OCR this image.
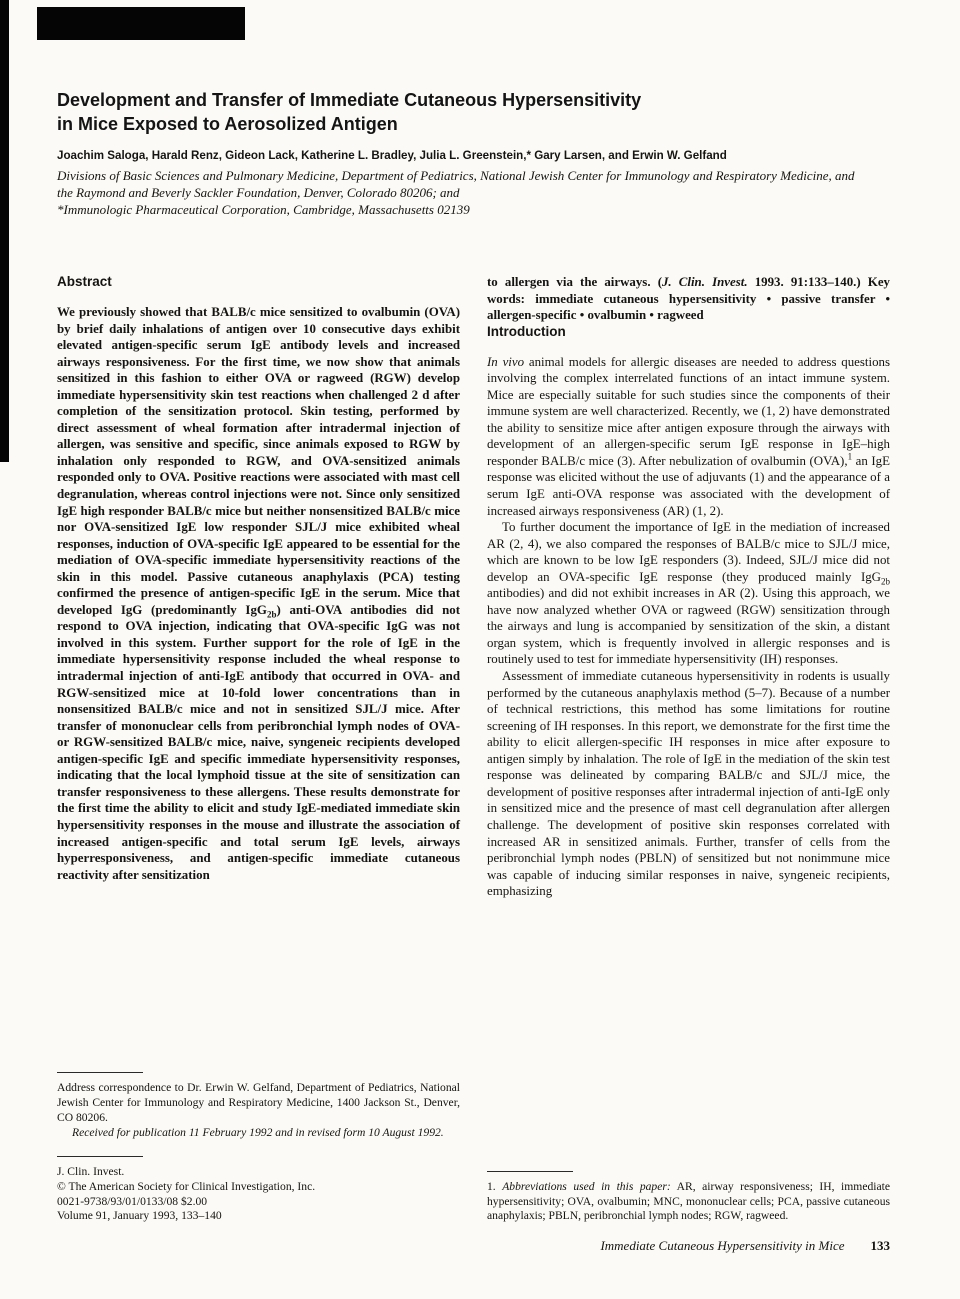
Development and Transfer of Immediate Cutaneous Hypersensitivity
in Mice Exposed to Aerosolized Antigen

Joachim Saloga, Harald Renz, Gideon Lack, Katherine L. Bradley, Julia L. Greenstein,* Gary Larsen, and Erwin W. Gelfand

Divisions of Basic Sciences and Pulmonary Medicine, Department of Pediatrics, National Jewish Center for Immunology and Respiratory Medicine, and the Raymond and Beverly Sackler Foundation, Denver, Colorado 80206; and
*Immunologic Pharmaceutical Corporation, Cambridge, Massachusetts 02139

Abstract

We previously showed that BALB/c mice sensitized to ovalbumin (OVA) by brief daily inhalations of antigen over 10 consecutive days exhibit elevated antigen-specific serum IgE antibody levels and increased airways responsiveness. For the first time, we now show that animals sensitized in this fashion to either OVA or ragweed (RGW) develop immediate hypersensitivity skin test reactions when challenged 2 d after completion of the sensitization protocol. Skin testing, performed by direct assessment of wheal formation after intradermal injection of allergen, was sensitive and specific, since animals exposed to RGW by inhalation only responded to RGW, and OVA-sensitized animals responded only to OVA. Positive reactions were associated with mast cell degranulation, whereas control injections were not. Since only sensitized IgE high responder BALB/c mice but neither nonsensitized BALB/c mice nor OVA-sensitized IgE low responder SJL/J mice exhibited wheal responses, induction of OVA-specific IgE appeared to be essential for the mediation of OVA-specific immediate hypersensitivity reactions of the skin in this model. Passive cutaneous anaphylaxis (PCA) testing confirmed the presence of antigen-specific IgE in the serum. Mice that developed IgG (predominantly IgG$_{2b}$) anti-OVA antibodies did not respond to OVA injection, indicating that OVA-specific IgG was not involved in this system. Further support for the role of IgE in the immediate hypersensitivity response included the wheal response to intradermal injection of anti-IgE antibody that occurred in OVA- and RGW-sensitized mice at 10-fold lower concentrations than in nonsensitized BALB/c mice and not in sensitized SJL/J mice. After transfer of mononuclear cells from peribronchial lymph nodes of OVA- or RGW-sensitized BALB/c mice, naive, syngeneic recipients developed antigen-specific IgE and specific immediate hypersensitivity responses, indicating that the local lymphoid tissue at the site of sensitization can transfer responsiveness to these allergens. These results demonstrate for the first time the ability to elicit and study IgE-mediated immediate skin hypersensitivity responses in the mouse and illustrate the association of increased antigen-specific and total serum IgE levels, airways hyperresponsiveness, and antigen-specific immediate cutaneous reactivity after sensitization

Address correspondence to Dr. Erwin W. Gelfand, Department of Pediatrics, National Jewish Center for Immunology and Respiratory Medicine, 1400 Jackson St., Denver, CO 80206.

Received for publication 11 February 1992 and in revised form 10 August 1992.

J. Clin. Invest.

© The American Society for Clinical Investigation, Inc.

0021-9738/93/01/0133/08 $2.00

Volume 91, January 1993, 133–140

to allergen via the airways. (J. Clin. Invest. 1993. 91:133–140.) Key words: immediate cutaneous hypersensitivity • passive transfer • allergen-specific • ovalbumin • ragweed

Introduction

In vivo animal models for allergic diseases are needed to address questions involving the complex interrelated functions of an intact immune system. Mice are especially suitable for such studies since the components of their immune system are well characterized. Recently, we (1, 2) have demonstrated the ability to sensitize mice after antigen exposure through the airways with development of an allergen-specific serum IgE response in IgE–high responder BALB/c mice (3). After nebulization of ovalbumin (OVA),$^1$ an IgE response was elicited without the use of adjuvants (1) and the appearance of a serum IgE anti-OVA response was associated with the development of increased airways responsiveness (AR) (1, 2).

To further document the importance of IgE in the mediation of increased AR (2, 4), we also compared the responses of BALB/c mice to SJL/J mice, which are known to be low IgE responders (3). Indeed, SJL/J mice did not develop an OVA-specific IgE response (they produced mainly IgG$_{2b}$ antibodies) and did not exhibit increases in AR (2). Using this approach, we have now analyzed whether OVA or ragweed (RGW) sensitization through the airways and lung is accompanied by sensitization of the skin, a distant organ system, which is frequently involved in allergic responses and is routinely used to test for immediate hypersensitivity (IH) responses.

Assessment of immediate cutaneous hypersensitivity in rodents is usually performed by the cutaneous anaphylaxis method (5–7). Because of a number of technical restrictions, this method has some limitations for routine screening of IH responses. In this report, we demonstrate for the first time the ability to elicit allergen-specific IH responses in mice after exposure to antigen simply by inhalation. The role of IgE in the mediation of the skin test response was delineated by comparing BALB/c and SJL/J mice, the development of positive responses after intradermal injection of anti-IgE only in sensitized mice and the presence of mast cell degranulation after allergen challenge. The development of positive skin responses correlated with increased AR in sensitized animals. Further, transfer of cells from the peribronchial lymph nodes (PBLN) of sensitized but not nonimmune mice was capable of inducing similar responses in naive, syngeneic recipients, emphasizing

1. Abbreviations used in this paper: AR, airway responsiveness; IH, immediate hypersensitivity; OVA, ovalbumin; MNC, mononuclear cells; PCA, passive cutaneous anaphylaxis; PBLN, peribronchial lymph nodes; RGW, ragweed.

Immediate Cutaneous Hypersensitivity in Mice 133
